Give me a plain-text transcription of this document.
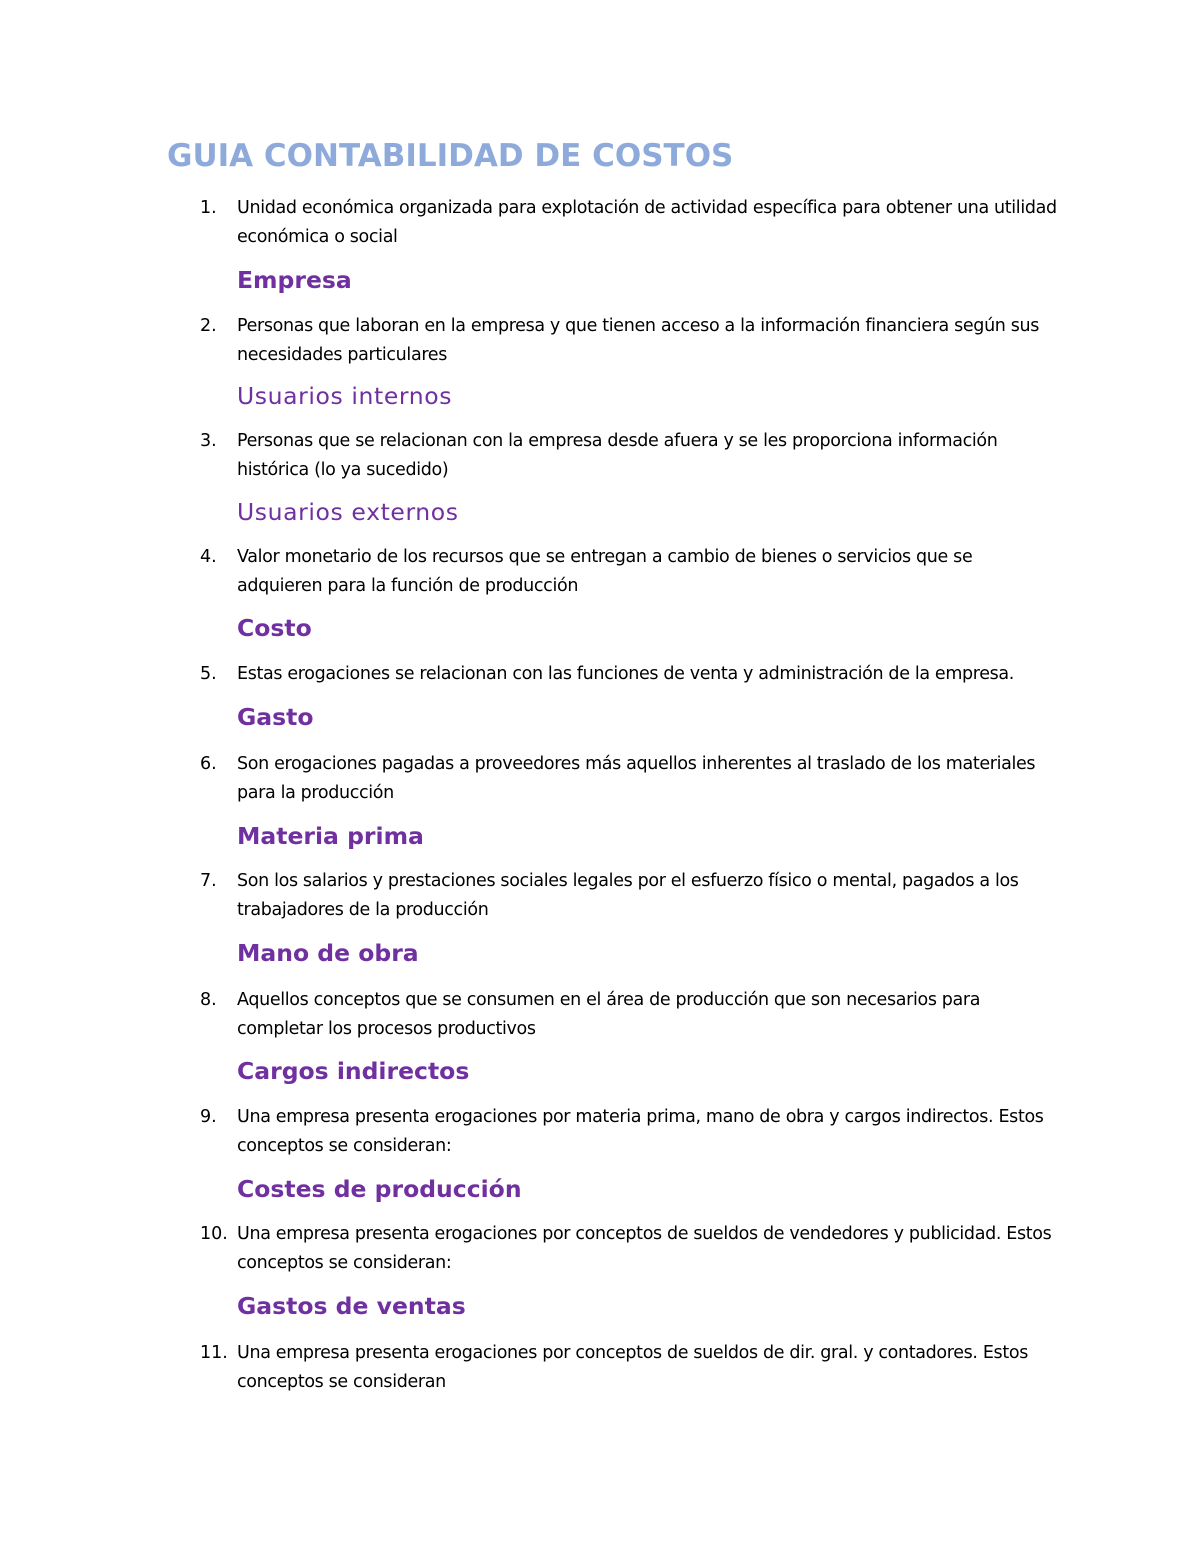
GUIA CONTABILIDAD DE COSTOS
1.	Unidad económica organizada para explotación de actividad específica para obtener una utilidad económica o social
Empresa
2.	Personas que laboran en la empresa y que tienen acceso a la información financiera según sus necesidades particulares
Usuarios internos
3.	Personas que se relacionan con la empresa desde afuera y se les proporciona información histórica (lo ya sucedido)
Usuarios externos
4.	Valor monetario de los recursos que se entregan a cambio de bienes o servicios que se adquieren para la función de producción
Costo
5.	Estas erogaciones se relacionan con las funciones de venta y administración de la empresa.
Gasto
6.	Son erogaciones pagadas a proveedores más aquellos inherentes al traslado de los materiales para la producción
Materia prima
7.	Son los salarios y prestaciones sociales legales por el esfuerzo físico o mental, pagados a los trabajadores de la producción
Mano de obra
8.	Aquellos conceptos que se consumen en el área de producción que son necesarios para completar los procesos productivos
Cargos indirectos
9.	Una empresa presenta erogaciones por materia prima, mano de obra y cargos indirectos. Estos conceptos se consideran:
Costes de producción
10. Una empresa presenta erogaciones por conceptos de sueldos de vendedores y publicidad. Estos conceptos se consideran:
Gastos de ventas
11. Una empresa presenta erogaciones por conceptos de sueldos de dir. gral. y contadores. Estos conceptos se consideran
